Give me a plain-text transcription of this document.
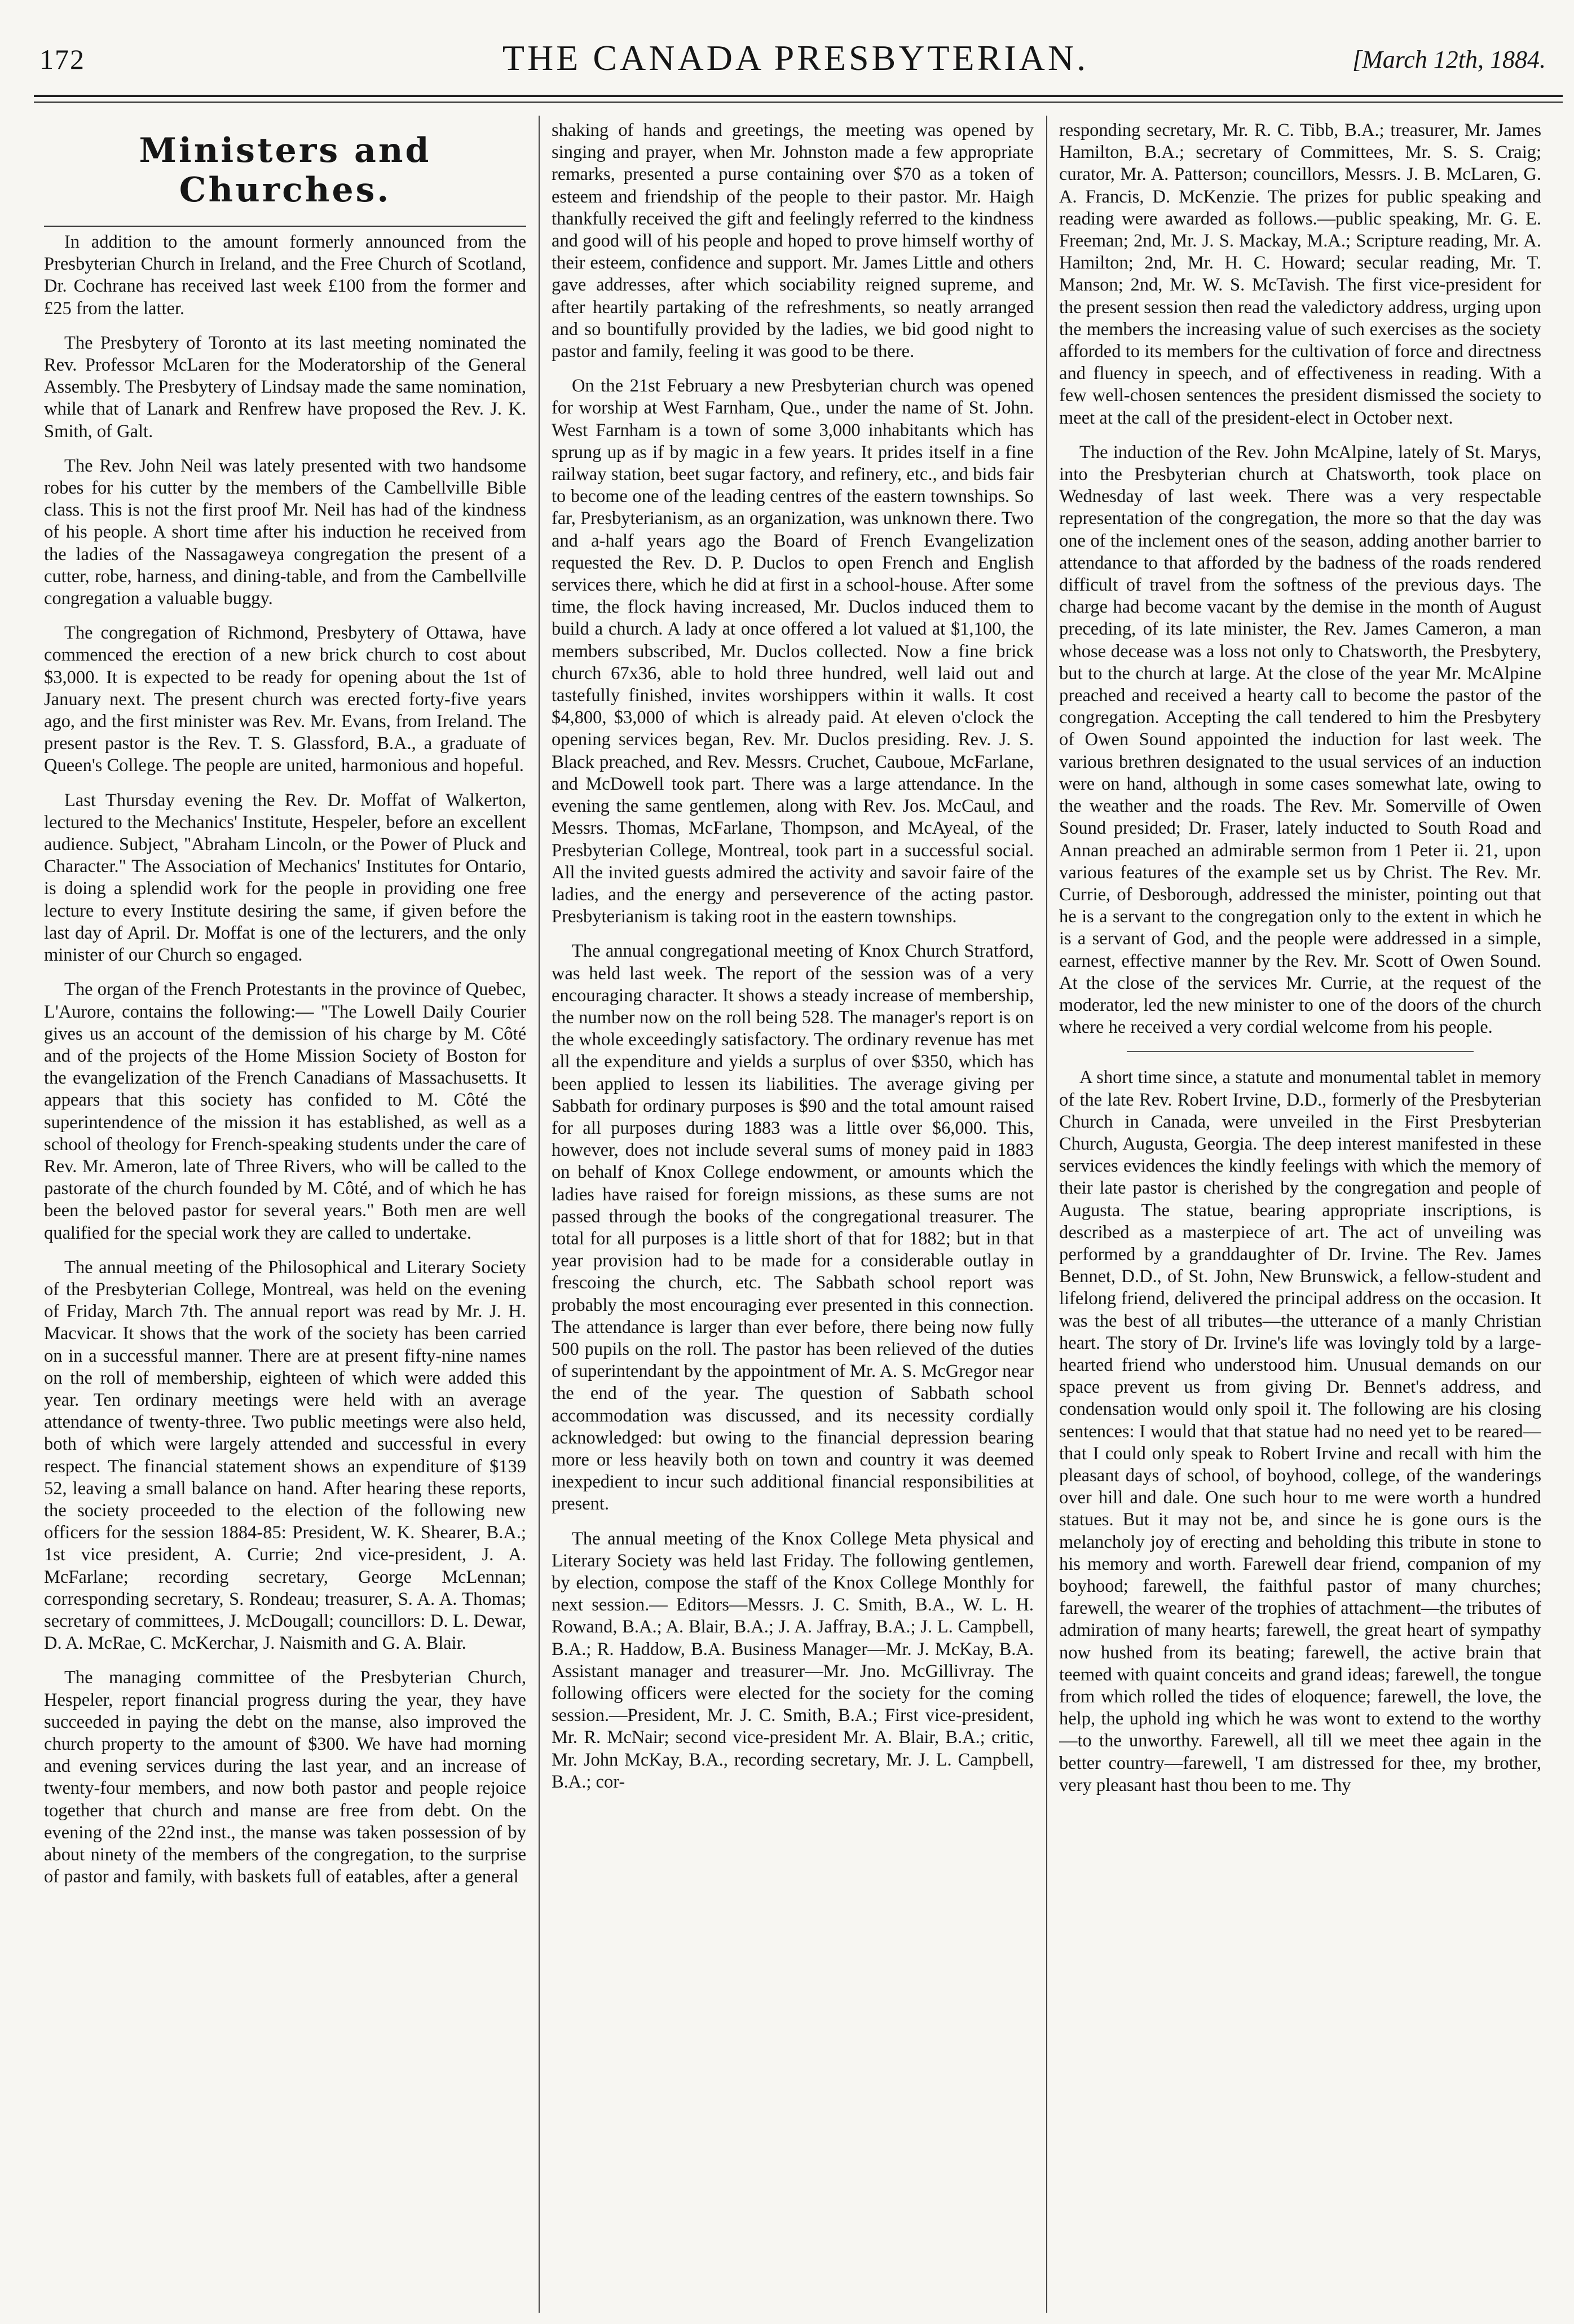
172	THE CANADA PRESBYTERIAN.	[March 12th, 1884.
Ministers and Churches.

In addition to the amount formerly announced from the Presbyterian Church in Ireland, and the Free Church of Scotland, Dr. Cochrane has received last week £100 from the former and £25 from the latter.

The Presbytery of Toronto at its last meeting nominated the Rev. Professor McLaren for the Moderatorship of the General Assembly. The Presbytery of Lindsay made the same nomination, while that of Lanark and Renfrew have proposed the Rev. J. K. Smith, of Galt.

The Rev. John Neil was lately presented with two handsome robes for his cutter by the members of the Cambellville Bible class. This is not the first proof Mr. Neil has had of the kindness of his people. A short time after his induction he received from the ladies of the Nassagaweya congregation the present of a cutter, robe, harness, and dining-table, and from the Cambellville congregation a valuable buggy.

The congregation of Richmond, Presbytery of Ottawa, have commenced the erection of a new brick church to cost about $3,000. It is expected to be ready for opening about the 1st of January next. The present church was erected forty-five years ago, and the first minister was Rev. Mr. Evans, from Ireland. The present pastor is the Rev. T. S. Glassford, B.A., a graduate of Queen's College. The people are united, harmonious and hopeful.

Last Thursday evening the Rev. Dr. Moffat of Walkerton, lectured to the Mechanics' Institute, Hespeler, before an excellent audience. Subject, "Abraham Lincoln, or the Power of Pluck and Character." The Association of Mechanics' Institutes for Ontario, is doing a splendid work for the people in providing one free lecture to every Institute desiring the same, if given before the last day of April. Dr. Moffat is one of the lecturers, and the only minister of our Church so engaged.

The organ of the French Protestants in the province of Quebec, L'Aurore, contains the following:— "The Lowell Daily Courier gives us an account of the demission of his charge by M. Côté and of the projects of the Home Mission Society of Boston for the evangelization of the French Canadians of Massachusetts. It appears that this society has confided to M. Côté the superintendence of the mission it has established, as well as a school of theology for French-speaking students under the care of Rev. Mr. Ameron, late of Three Rivers, who will be called to the pastorate of the church founded by M. Côté, and of which he has been the beloved pastor for several years." Both men are well qualified for the special work they are called to undertake.

The annual meeting of the Philosophical and Literary Society of the Presbyterian College, Montreal, was held on the evening of Friday, March 7th. The annual report was read by Mr. J. H. Macvicar. It shows that the work of the society has been carried on in a successful manner. There are at present fifty-nine names on the roll of membership, eighteen of which were added this year. Ten ordinary meetings were held with an average attendance of twenty-three. Two public meetings were also held, both of which were largely attended and successful in every respect. The financial statement shows an expenditure of $139 52, leaving a small balance on hand. After hearing these reports, the society proceeded to the election of the following new officers for the session 1884-85: President, W. K. Shearer, B.A.; 1st vice president, A. Currie; 2nd vice-president, J. A. McFarlane; recording secretary, George McLennan; corresponding secretary, S. Rondeau; treasurer, S. A. A. Thomas; secretary of committees, J. McDougall; councillors: D. L. Dewar, D. A. McRae, C. McKerchar, J. Naismith and G. A. Blair.

The managing committee of the Presbyterian Church, Hespeler, report financial progress during the year, they have succeeded in paying the debt on the manse, also improved the church property to the amount of $300. We have had morning and evening services during the last year, and an increase of twenty-four members, and now both pastor and people rejoice together that church and manse are free from debt. On the evening of the 22nd inst., the manse was taken possession of by about ninety of the members of the congregation, to the surprise of pastor and family, with baskets full of eatables, after a general

shaking of hands and greetings, the meeting was opened by singing and prayer, when Mr. Johnston made a few appropriate remarks, presented a purse containing over $70 as a token of esteem and friendship of the people to their pastor. Mr. Haigh thankfully received the gift and feelingly referred to the kindness and good will of his people and hoped to prove himself worthy of their esteem, confidence and support. Mr. James Little and others gave addresses, after which sociability reigned supreme, and after heartily partaking of the refreshments, so neatly arranged and so bountifully provided by the ladies, we bid good night to pastor and family, feeling it was good to be there.

On the 21st February a new Presbyterian church was opened for worship at West Farnham, Que., under the name of St. John. West Farnham is a town of some 3,000 inhabitants which has sprung up as if by magic in a few years. It prides itself in a fine railway station, beet sugar factory, and refinery, etc., and bids fair to become one of the leading centres of the eastern townships. So far, Presbyterianism, as an organization, was unknown there. Two and a-half years ago the Board of French Evangelization requested the Rev. D. P. Duclos to open French and English services there, which he did at first in a school-house. After some time, the flock having increased, Mr. Duclos induced them to build a church. A lady at once offered a lot valued at $1,100, the members subscribed, Mr. Duclos collected. Now a fine brick church 67x36, able to hold three hundred, well laid out and tastefully finished, invites worshippers within it walls. It cost $4,800, $3,000 of which is already paid. At eleven o'clock the opening services began, Rev. Mr. Duclos presiding. Rev. J. S. Black preached, and Rev. Messrs. Cruchet, Cauboue, McFarlane, and McDowell took part. There was a large attendance. In the evening the same gentlemen, along with Rev. Jos. McCaul, and Messrs. Thomas, McFarlane, Thompson, and McAyeal, of the Presbyterian College, Montreal, took part in a successful social. All the invited guests admired the activity and savoir faire of the ladies, and the energy and perseverence of the acting pastor. Presbyterianism is taking root in the eastern townships.

The annual congregational meeting of Knox Church Stratford, was held last week. The report of the session was of a very encouraging character. It shows a steady increase of membership, the number now on the roll being 528. The manager's report is on the whole exceedingly satisfactory. The ordinary revenue has met all the expenditure and yields a surplus of over $350, which has been applied to lessen its liabilities. The average giving per Sabbath for ordinary purposes is $90 and the total amount raised for all purposes during 1883 was a little over $6,000. This, however, does not include several sums of money paid in 1883 on behalf of Knox College endowment, or amounts which the ladies have raised for foreign missions, as these sums are not passed through the books of the congregational treasurer. The total for all purposes is a little short of that for 1882; but in that year provision had to be made for a considerable outlay in frescoing the church, etc. The Sabbath school report was probably the most encouraging ever presented in this connection. The attendance is larger than ever before, there being now fully 500 pupils on the roll. The pastor has been relieved of the duties of superintendant by the appointment of Mr. A. S. McGregor near the end of the year. The question of Sabbath school accommodation was discussed, and its necessity cordially acknowledged: but owing to the financial depression bearing more or less heavily both on town and country it was deemed inexpedient to incur such additional financial responsibilities at present.

The annual meeting of the Knox College Meta physical and Literary Society was held last Friday. The following gentlemen, by election, compose the staff of the Knox College Monthly for next session.— Editors—Messrs. J. C. Smith, B.A., W. L. H. Rowand, B.A.; A. Blair, B.A.; J. A. Jaffray, B.A.; J. L. Campbell, B.A.; R. Haddow, B.A. Business Manager—Mr. J. McKay, B.A. Assistant manager and treasurer—Mr. Jno. McGillivray. The following officers were elected for the society for the coming session.—President, Mr. J. C. Smith, B.A.; First vice-president, Mr. R. McNair; second vice-president Mr. A. Blair, B.A.; critic, Mr. John McKay, B.A., recording secretary, Mr. J. L. Campbell, B.A.; cor-

responding secretary, Mr. R. C. Tibb, B.A.; treasurer, Mr. James Hamilton, B.A.; secretary of Committees, Mr. S. S. Craig; curator, Mr. A. Patterson; councillors, Messrs. J. B. McLaren, G. A. Francis, D. McKenzie. The prizes for public speaking and reading were awarded as follows.—public speaking, Mr. G. E. Freeman; 2nd, Mr. J. S. Mackay, M.A.; Scripture reading, Mr. A. Hamilton; 2nd, Mr. H. C. Howard; secular reading, Mr. T. Manson; 2nd, Mr. W. S. McTavish. The first vice-president for the present session then read the valedictory address, urging upon the members the increasing value of such exercises as the society afforded to its members for the cultivation of force and directness and fluency in speech, and of effectiveness in reading. With a few well-chosen sentences the president dismissed the society to meet at the call of the president-elect in October next.

The induction of the Rev. John McAlpine, lately of St. Marys, into the Presbyterian church at Chatsworth, took place on Wednesday of last week. There was a very respectable representation of the congregation, the more so that the day was one of the inclement ones of the season, adding another barrier to attendance to that afforded by the badness of the roads rendered difficult of travel from the softness of the previous days. The charge had become vacant by the demise in the month of August preceding, of its late minister, the Rev. James Cameron, a man whose decease was a loss not only to Chatsworth, the Presbytery, but to the church at large. At the close of the year Mr. McAlpine preached and received a hearty call to become the pastor of the congregation. Accepting the call tendered to him the Presbytery of Owen Sound appointed the induction for last week. The various brethren designated to the usual services of an induction were on hand, although in some cases somewhat late, owing to the weather and the roads. The Rev. Mr. Somerville of Owen Sound presided; Dr. Fraser, lately inducted to South Road and Annan preached an admirable sermon from 1 Peter ii. 21, upon various features of the example set us by Christ. The Rev. Mr. Currie, of Desborough, addressed the minister, pointing out that he is a servant to the congregation only to the extent in which he is a servant of God, and the people were addressed in a simple, earnest, effective manner by the Rev. Mr. Scott of Owen Sound. At the close of the services Mr. Currie, at the request of the moderator, led the new minister to one of the doors of the church where he received a very cordial welcome from his people.

A short time since, a statute and monumental tablet in memory of the late Rev. Robert Irvine, D.D., formerly of the Presbyterian Church in Canada, were unveiled in the First Presbyterian Church, Augusta, Georgia. The deep interest manifested in these services evidences the kindly feelings with which the memory of their late pastor is cherished by the congregation and people of Augusta. The statue, bearing appropriate inscriptions, is described as a masterpiece of art. The act of unveiling was performed by a granddaughter of Dr. Irvine. The Rev. James Bennet, D.D., of St. John, New Brunswick, a fellow-student and lifelong friend, delivered the principal address on the occasion. It was the best of all tributes—the utterance of a manly Christian heart. The story of Dr. Irvine's life was lovingly told by a large-hearted friend who understood him. Unusual demands on our space prevent us from giving Dr. Bennet's address, and condensation would only spoil it. The following are his closing sentences: I would that that statue had no need yet to be reared—that I could only speak to Robert Irvine and recall with him the pleasant days of school, of boyhood, college, of the wanderings over hill and dale. One such hour to me were worth a hundred statues. But it may not be, and since he is gone ours is the melancholy joy of erecting and beholding this tribute in stone to his memory and worth. Farewell dear friend, companion of my boyhood; farewell, the faithful pastor of many churches; farewell, the wearer of the trophies of attachment—the tributes of admiration of many hearts; farewell, the great heart of sympathy now hushed from its beating; farewell, the active brain that teemed with quaint conceits and grand ideas; farewell, the tongue from which rolled the tides of eloquence; farewell, the love, the help, the uphold ing which he was wont to extend to the worthy—to the unworthy. Farewell, all till we meet thee again in the better country—farewell, 'I am distressed for thee, my brother, very pleasant hast thou been to me. Thy
